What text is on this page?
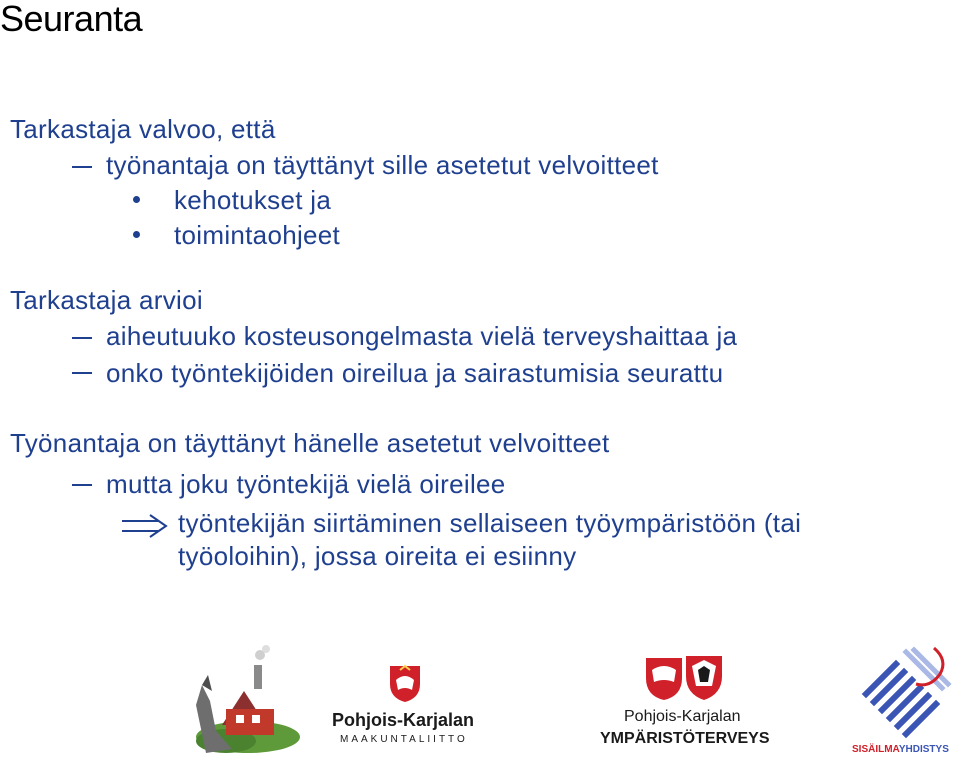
Seuranta
Tarkastaja valvoo, että
työnantaja on täyttänyt sille asetetut velvoitteet
kehotukset ja
toimintaohjeet
Tarkastaja arvioi
aiheutuuko kosteusongelmasta vielä terveyshaittaa ja
onko työntekijöiden oireilua ja sairastumisia seurattu
Työnantaja on täyttänyt hänelle asetetut velvoitteet
mutta joku työntekijä vielä oireilee
työntekijän siirtäminen sellaiseen työympäristöön (tai
työoloihin), jossa oireita ei esiinny
Pohjois-Karjalan
MAAKUNTALIITTO
Pohjois-Karjalan
YMPÄRISTÖTERVEYS
SISÄILMAYHDISTYS
